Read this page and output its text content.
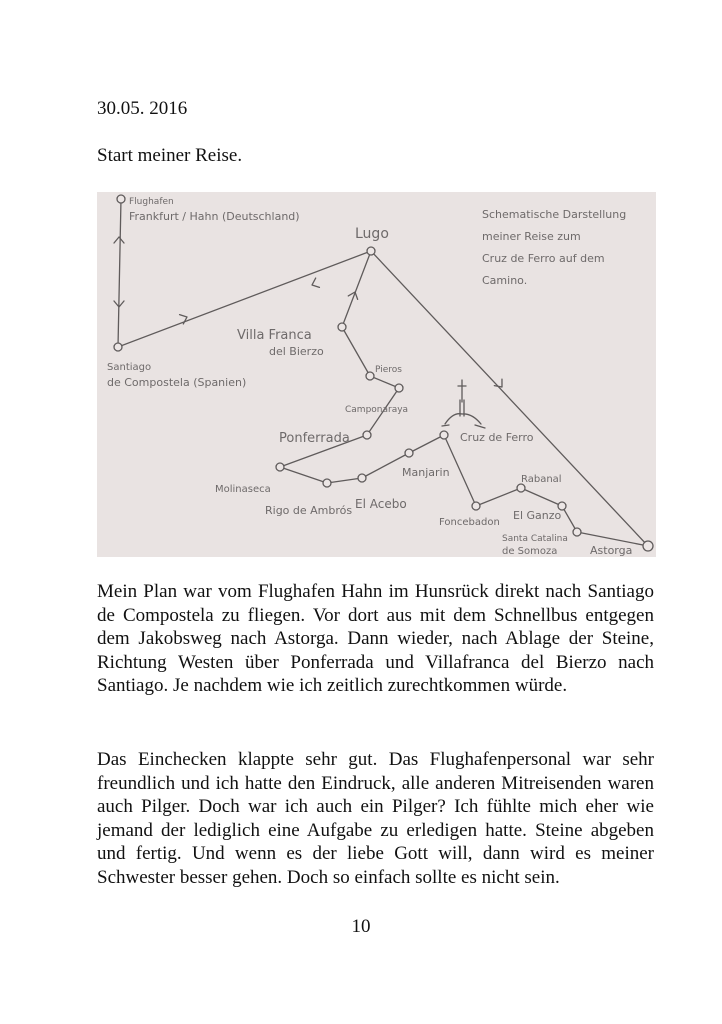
30.05. 2016
Start meiner Reise.
Flughafen
Frankfurt / Hahn (Deutschland)
Lugo
Santiago
de Compostela (Spanien)
Villa Franca
del Bierzo
Pieros
Camponaraya
Ponferrada
Molinaseca
Rigo de Ambrós El Acebo
Manjarin
Cruz de Ferro
Foncebadon
Rabanal
El Ganzo
Santa Catalina
de Somoza	Astorga
Schematische Darstellung
meiner Reise zum
Cruz de Ferro auf dem
Camino.

Mein Plan war vom Flughafen Hahn im Hunsrück direkt nach Santiago de Compostela zu fliegen. Vor dort aus mit dem Schnellbus entgegen dem Jakobsweg nach Astorga. Dann wieder, nach Ablage der Steine, Richtung Westen über Ponferrada und Villafranca del Bierzo nach Santiago. Je nachdem wie ich zeitlich zurechtkommen würde.

Das Einchecken klappte sehr gut. Das Flughafenpersonal war sehr freundlich und ich hatte den Eindruck, alle anderen Mitreisenden waren auch Pilger. Doch war ich auch ein Pilger? Ich fühlte mich eher wie jemand der lediglich eine Aufgabe zu erledigen hatte. Steine abgeben und fertig. Und wenn es der liebe Gott will, dann wird es meiner Schwester besser gehen. Doch so einfach sollte es nicht sein.

10
